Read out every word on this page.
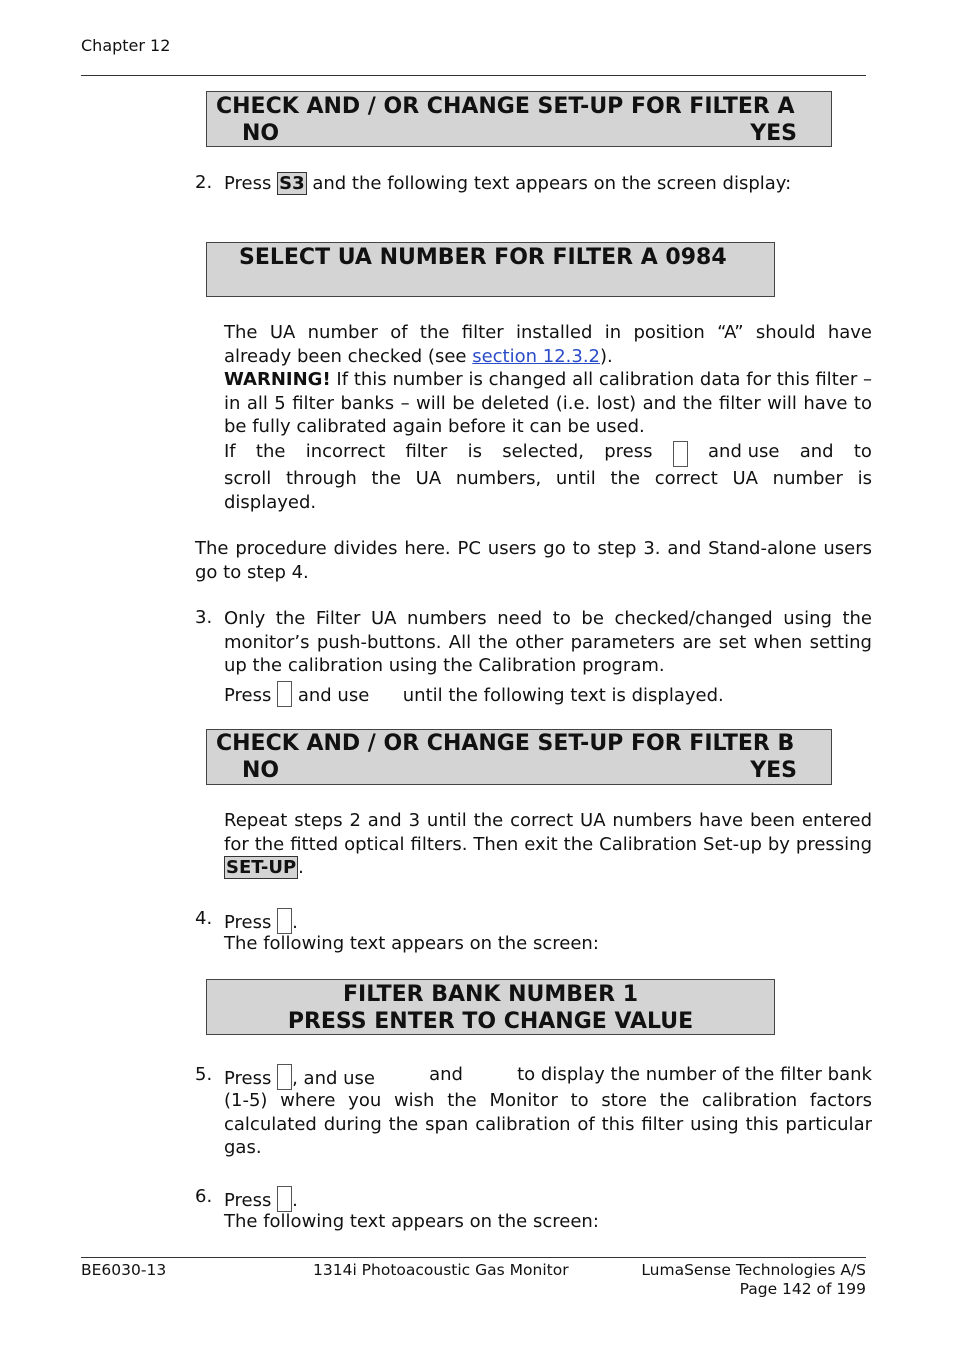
Chapter 12
CHECK AND / OR CHANGE SET-UP FOR FILTER A
NO	YES
2. Press S3 and the following text appears on the screen display:
SELECT UA NUMBER FOR FILTER A 0984
The UA number of the filter installed in position “A” should have already been checked (see section 12.3.2).
WARNING! If this number is changed all calibration data for this filter – in all 5 filter banks – will be deleted (i.e. lost) and the filter will have to be fully calibrated again before it can be used.
If the incorrect filter is selected, press	and use and to
scroll through the UA numbers, until the correct UA number is displayed.
The procedure divides here. PC users go to step 3. and Stand-alone users go to step 4.
3. Only the Filter UA numbers need to be checked/changed using the monitor’s push-buttons. All the other parameters are set when setting up the calibration using the Calibration program.
Press and use until the following text is displayed.
CHECK AND / OR CHANGE SET-UP FOR FILTER B
NO	YES
Repeat steps 2 and 3 until the correct UA numbers have been entered for the fitted optical filters. Then exit the Calibration Set-up by pressing SET-UP .
4. Press .
The following text appears on the screen:
FILTER BANK NUMBER 1
PRESS ENTER TO CHANGE VALUE
5. Press , and use	and	to display the number of the filter bank
(1-5) where you wish the Monitor to store the calibration factors calculated during the span calibration of this filter using this particular gas.
6. Press .
The following text appears on the screen:
BE6030-13	1314i Photoacoustic Gas Monitor	LumaSense Technologies A/S
Page 142 of 199
